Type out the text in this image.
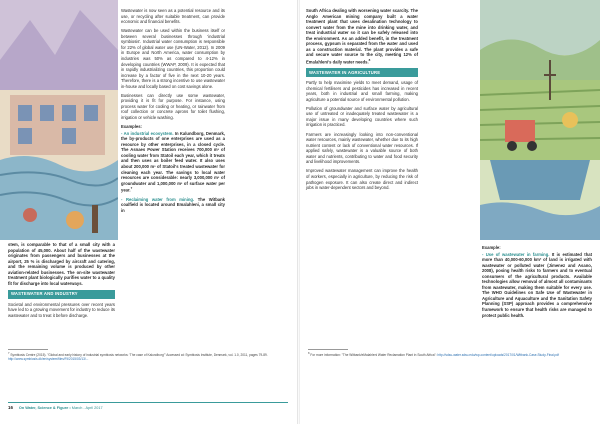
stem, is comparable to that of a small city with a population of 45,000. About half of the wastewater originates from passengers and businesses at the airport, 25 % is discharged by aircraft and catering, and the remaining volume is produced by other aviation-related businesses. The on-site wastewater treatment plant biologically purifies water to a quality fit for discharge into local waterways.

WASTEWATER AND INDUSTRY

Societal and environmental pressures over recent years have led to a growing movement for industry to reduce its wastewater and to treat it before discharge.

Wastewater is now seen as a potential resource and its use, or recycling after suitable treatment, can provide economic and financial benefits.

Wastewater can be used within the business itself or between several businesses through 'industrial symbiosis'. Industrial water consumption is responsible for 22% of global water use (UN-Water, 2012). In 2009 in Europe and North America, water consumption by industries was 50% as compared to 4-12% in developing countries (WWAP, 2009). It is expected that in rapidly industrializing countries, this proportion could increase by a factor of five in the next 10-20 years. Therefore, there is a strong incentive to use wastewater in-house and locally based on cost savings alone.

Businesses can directly use some wastewater, providing it is fit for purpose. For instance, using process water for cooling or heating, or rainwater from roof collection or concrete aprons for toilet flushing, irrigation or vehicle washing.

Examples:

- An industrial ecosystem. In Kalundborg, Denmark, the by-products of one enterprises are used as a resource by other enterprises, in a closed cycle. The Asnaes Power Station receives 700,000 m³ of cooling water from Statoil each year, which it treats and then uses as boiler feed water. It also uses about 200,000 m³ of Statoil's treated wastewater for cleaning each year. The savings to local water resources are considerable: nearly 3,000,000 m³ of groundwater and 1,000,000 m³ of surface water per year.$^7$

- Reclaiming water from mining. The Witbank coalfield is located around Emalahleni, a small city in

$^7$ Symbiosis Centre (2015). "Global and early history of industrial symbiosis networks: 'The case of Kalundborg'" Accessed at: Symbiosis Institute, Denmark, vol. 1.0, 2011, pages 79-89. http://www.symbiosis.dk/en/system/files/Fil/2015/03/13/...
16 On Water, Science & Figure • March - April 2017

South Africa dealing with worsening water scarcity. The Anglo American mining company built a water treatment plant that uses desalination technology to convert water from the mine into drinking water, and treat industrial water so it can be safely released into the environment. As an added benefit, in the treatment process, gypsum is separated from the water and used as a construction material. The plant provides a safe and secure water source to the city, meeting 12% of Emalahleni's daily water needs.$^8$

WASTEWATER IN AGRICULTURE

Partly to help maximise yields to meet demand, usage of chemical fertilisers and pesticides has increased in recent years, both in industrial and small farming, making agriculture a potential source of environmental pollution.

Pollution of groundwater and surface water by agricultural use of untreated or inadequately treated wastewater is a major issue in many developing countries where such irrigation is practiced.

Farmers are increasingly looking into non-conventional water resources, mainly wastewater, whether due to its high nutrient content or lack of conventional water resources. If applied safely, wastewater is a valuable source of both water and nutrients, contributing to water and food security and livelihood improvements.

Improved wastewater management can improve the health of workers, especially in agriculture, by reducing the risk of pathogen exposure. It can also create direct and indirect jobs in water-dependent sectors and beyond.

Example:

- Use of wastewater in farming. It is estimated that more than 40,000-60,000 km² of land is irrigated with wastewater or polluted water (Jimenez and Asano, 2008), posing health risks to farmers and to eventual consumers of the agricultural products. Available technologies allow removal of almost all contaminants from wastewater, making them suitable for every use. The WHO Guidelines on Safe Use of Wastewater in Agriculture and Aquaculture and the Sanitation Safety Planning (SSP) approach provides a comprehensive framework to ensure that health risks are managed to protect public health.

$^8$ For more information: "The Witbank/eMalahleni Water Reclamation Plant in South Africa": http://sdsu-water.sdsu.edu/wp-content/uploads/2017/01/Witbank-Case-Study-Final.pdf
